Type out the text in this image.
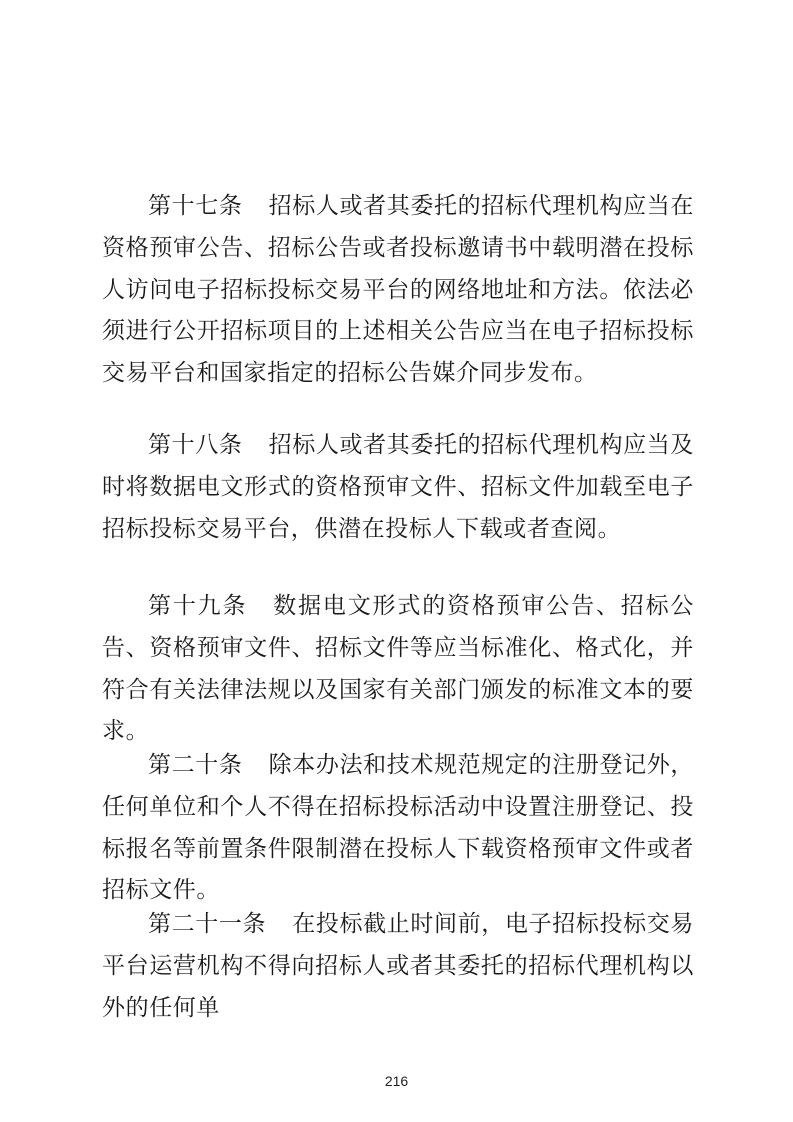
第十七条 招标人或者其委托的招标代理机构应当在资格预审公告、招标公告或者投标邀请书中载明潜在投标人访问电子招标投标交易平台的网络地址和方法。依法必须进行公开招标项目的上述相关公告应当在电子招标投标交易平台和国家指定的招标公告媒介同步发布。

第十八条 招标人或者其委托的招标代理机构应当及时将数据电文形式的资格预审文件、招标文件加载至电子招标投标交易平台，供潜在投标人下载或者查阅。

第十九条 数据电文形式的资格预审公告、招标公告、资格预审文件、招标文件等应当标准化、格式化，并符合有关法律法规以及国家有关部门颁发的标准文本的要求。

第二十条 除本办法和技术规范规定的注册登记外，任何单位和个人不得在招标投标活动中设置注册登记、投标报名等前置条件限制潜在投标人下载资格预审文件或者招标文件。

第二十一条 在投标截止时间前，电子招标投标交易平台运营机构不得向招标人或者其委托的招标代理机构以外的任何单

216
